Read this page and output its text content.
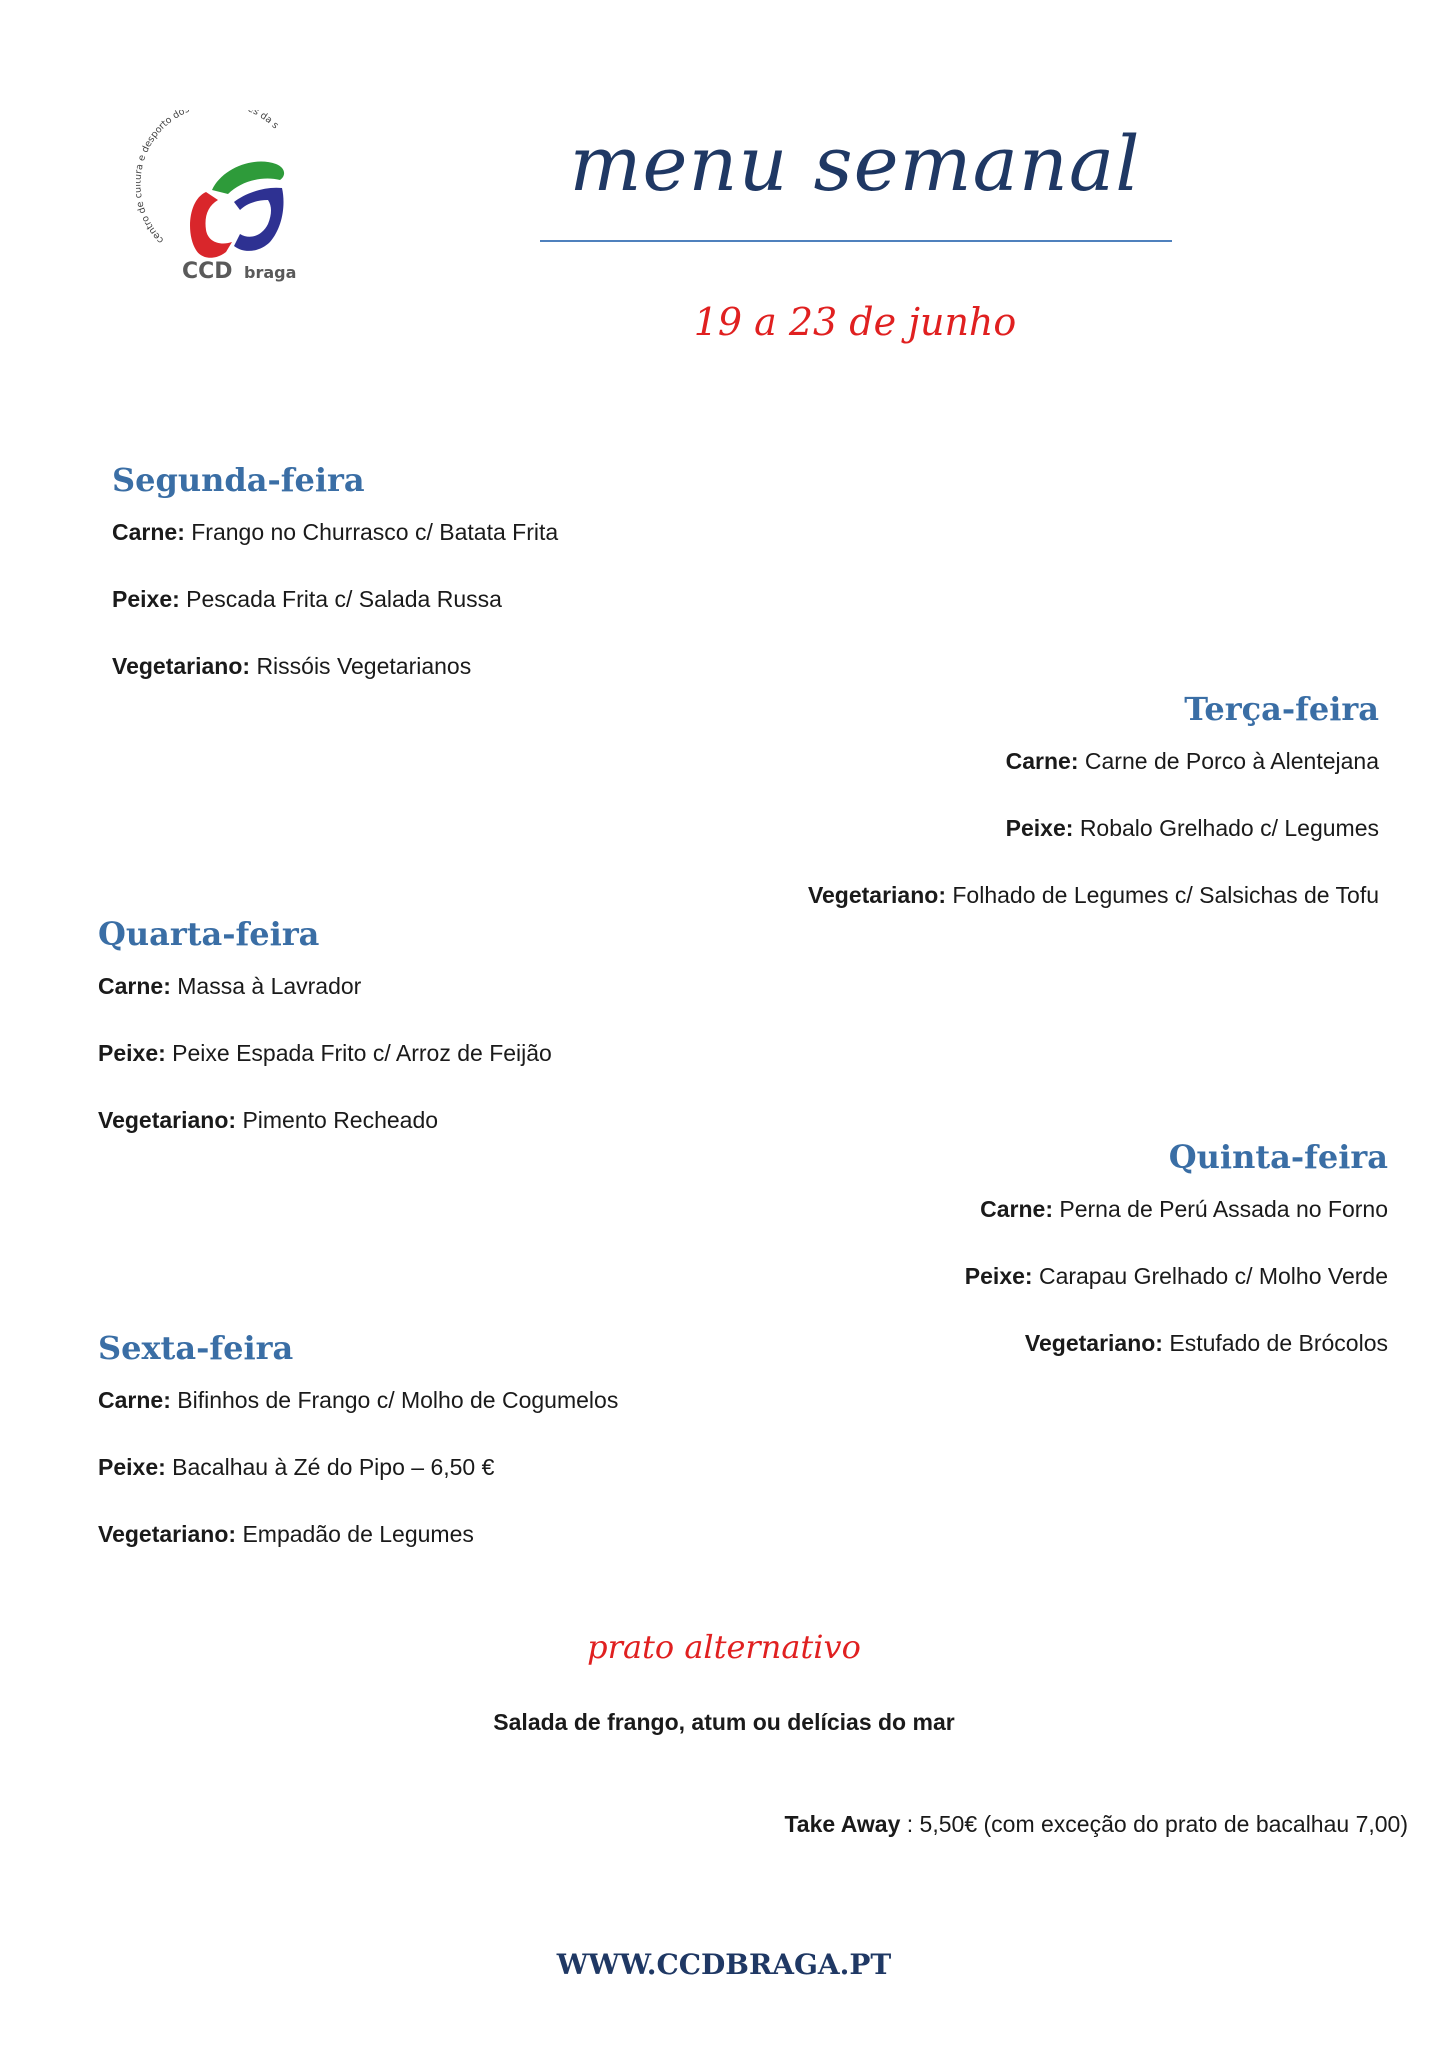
centro d e desporto do s da s
CCD braga
menu semanal
19 a 23 de junho
Segunda-feira
Carne: Frango no Churrasco c/ Batata Frita
Peixe: Pescada Frita c/ Salada Russa
Vegetariano: Rissóis Vegetarianos
Terça-feira
Carne: Carne de Porco à Alentejana
Peixe: Robalo Grelhado c/ Legumes
Vegetariano: Folhado de Legumes c/ Salsichas de Tofu
Quarta-feira
Carne: Massa à Lavrador
Peixe: Peixe Espada Frito c/ Arroz de Feijão
Vegetariano: Pimento Recheado
Quinta-feira
Carne: Perna de Perú Assada no Forno
Peixe: Carapau Grelhado c/ Molho Verde
Vegetariano: Estufado de Brócolos
Sexta-feira
Carne: Bifinhos de Frango c/ Molho de Cogumelos
Peixe: Bacalhau à Zé do Pipo – 6,50 €
Vegetariano: Empadão de Legumes
prato alternativo
Salada de frango, atum ou delícias do mar
Take Away : 5,50€ (com exceção do prato de bacalhau 7,00)
WWW.CCDBRAGA.PT
